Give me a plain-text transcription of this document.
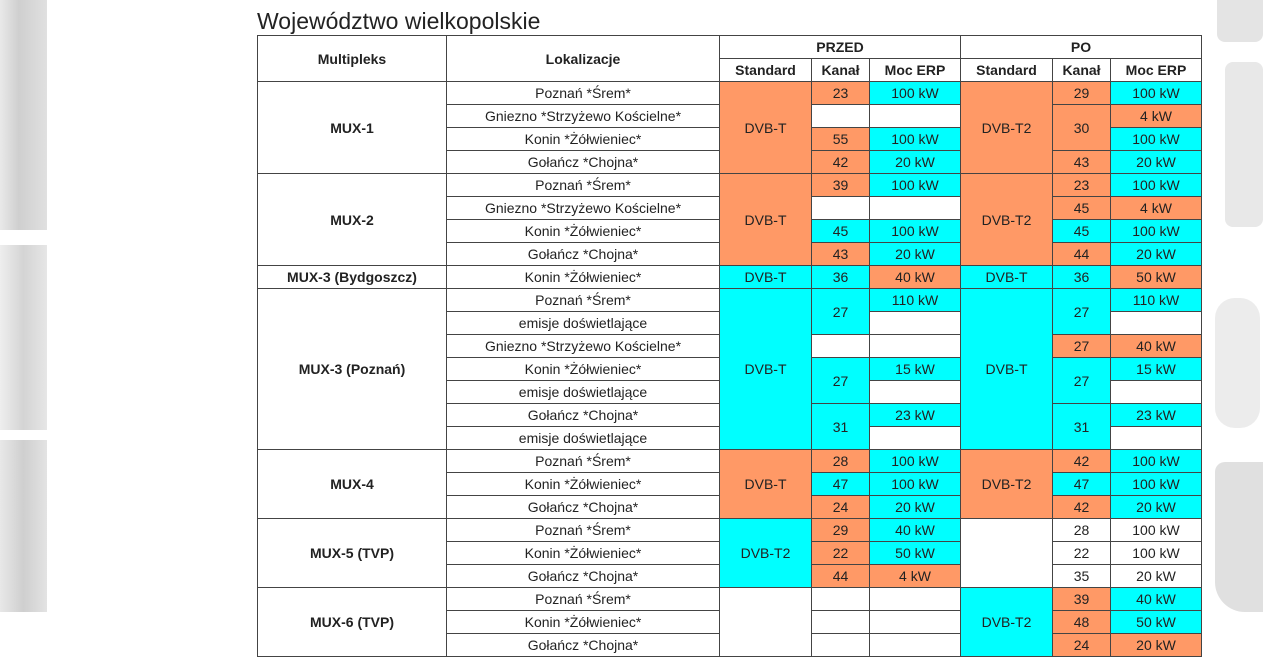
Województwo wielkopolskie
Multipleks	Lokalizacje	PRZED			PO		
		Standard	Kanał	Moc ERP	Standard	Kanał	Moc ERP
MUX-1	Poznań *Śrem*	DVB-T	23	100 kW	DVB-T2	29	100 kW
	Gniezno *Strzyżewo Kościelne*					30	4 kW
	Konin *Żółwieniec*		55	100 kW			100 kW
	Gołańcz *Chojna*		42	20 kW		43	20 kW
MUX-2	Poznań *Śrem*	DVB-T	39	100 kW	DVB-T2	23	100 kW
	Gniezno *Strzyżewo Kościelne*					45	4 kW
	Konin *Żółwieniec*		45	100 kW		45	100 kW
	Gołańcz *Chojna*		43	20 kW		44	20 kW
MUX-3 (Bydgoszcz)	Konin *Żółwieniec*	DVB-T	36	40 kW	DVB-T	36	50 kW
MUX-3 (Poznań)	Poznań *Śrem*	DVB-T	27	110 kW	DVB-T	27	110 kW
	emisje doświetlające						
	Gniezno *Strzyżewo Kościelne*					27	40 kW
	Konin *Żółwieniec*		27	15 kW		27	15 kW
	emisje doświetlające						
	Gołańcz *Chojna*		31	23 kW		31	23 kW
	emisje doświetlające						
MUX-4	Poznań *Śrem*	DVB-T	28	100 kW	DVB-T2	42	100 kW
	Konin *Żółwieniec*		47	100 kW		47	100 kW
	Gołańcz *Chojna*		24	20 kW		42	20 kW
MUX-5 (TVP)	Poznań *Śrem*	DVB-T2	29	40 kW		28	100 kW
	Konin *Żółwieniec*		22	50 kW		22	100 kW
	Gołańcz *Chojna*		44	4 kW		35	20 kW
MUX-6 (TVP)	Poznań *Śrem*				DVB-T2	39	40 kW
	Konin *Żółwieniec*					48	50 kW
	Gołańcz *Chojna*					24	20 kW
